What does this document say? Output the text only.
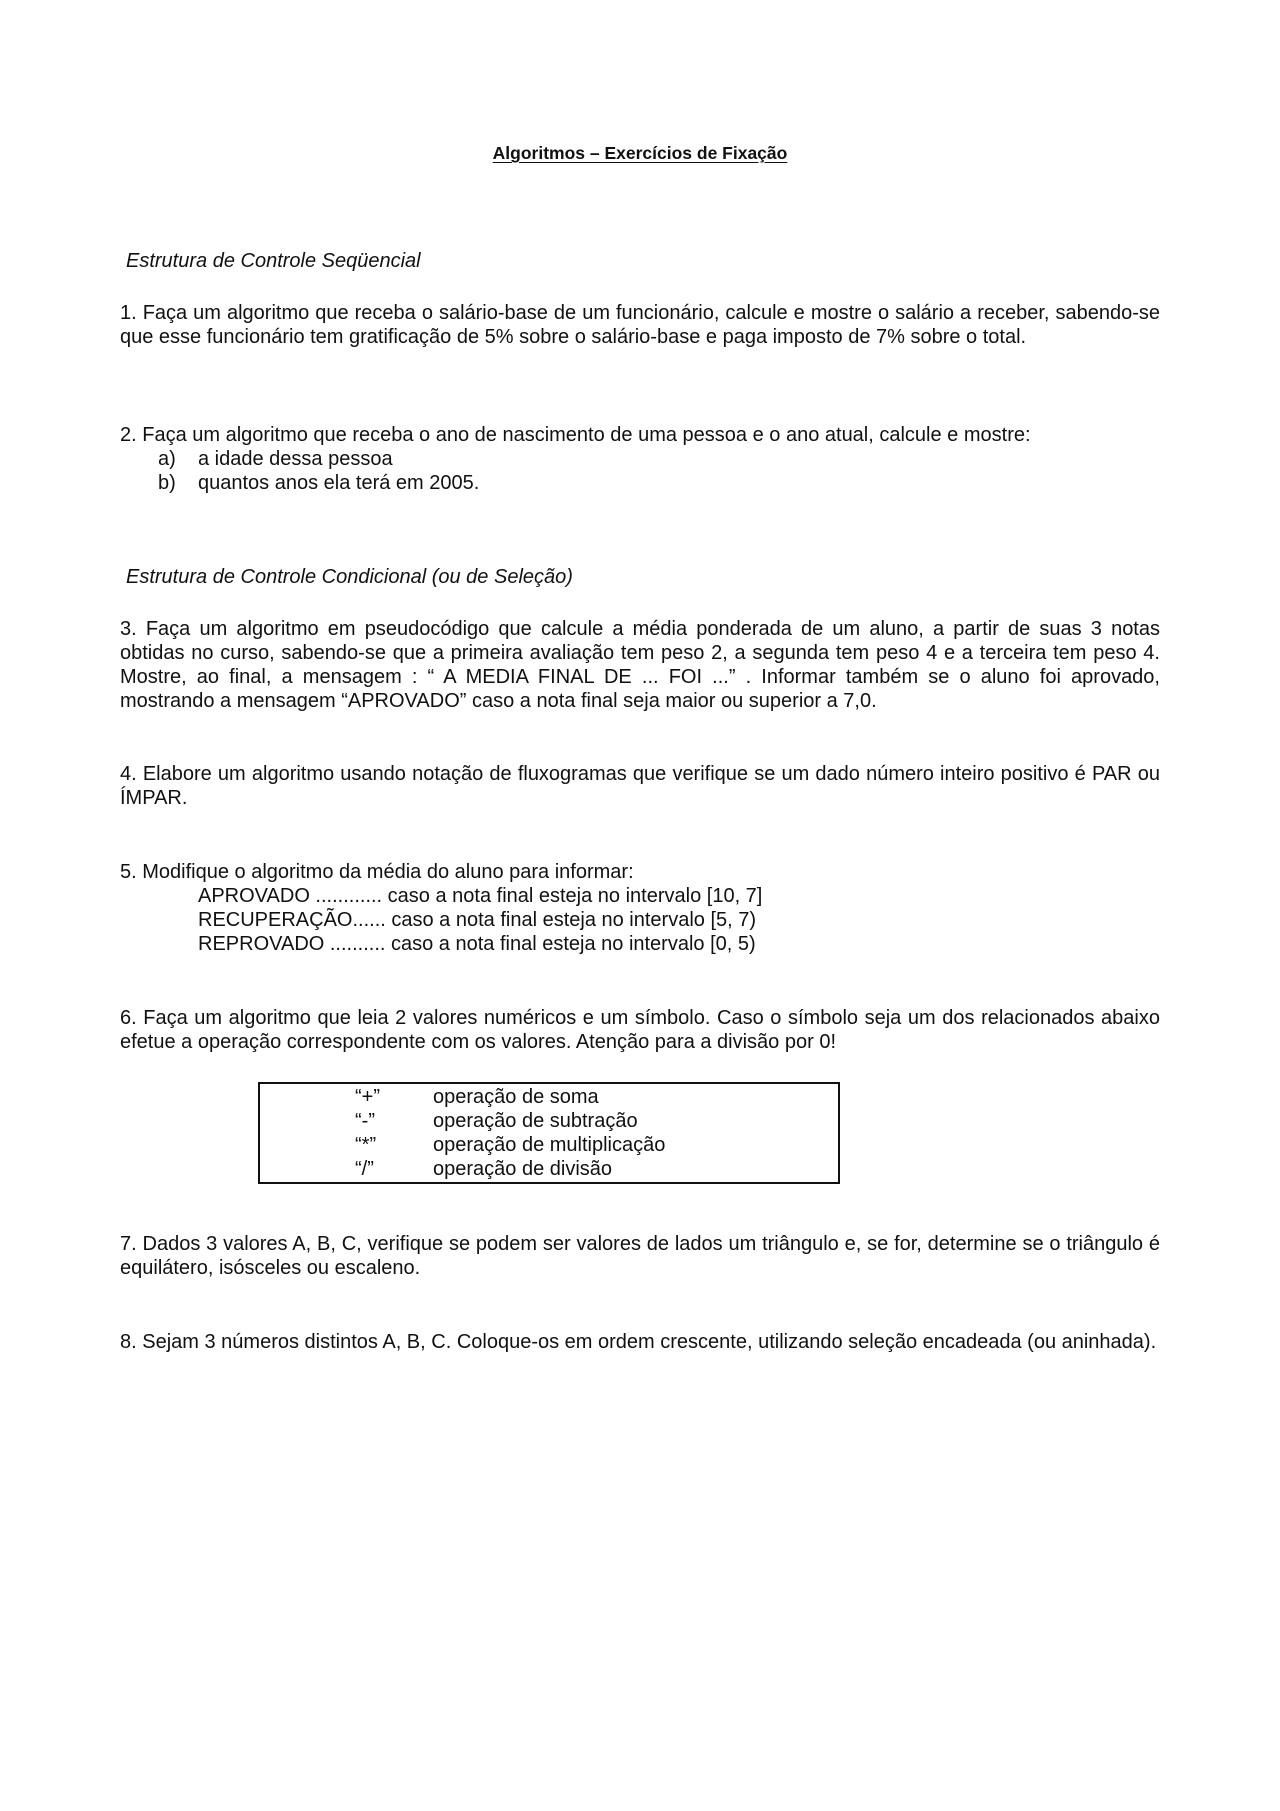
Algoritmos – Exercícios de Fixação
Estrutura de Controle Seqüencial
1. Faça um algoritmo que receba o salário-base de um funcionário, calcule e mostre o salário a receber, sabendo-se que esse funcionário tem gratificação de 5% sobre o salário-base e paga imposto de 7% sobre o total.
2. Faça um algoritmo que receba o ano de nascimento de uma pessoa e o ano atual, calcule e mostre:
a)	a idade dessa pessoa
b)	quantos anos ela terá em 2005.
Estrutura de Controle Condicional (ou de Seleção)
3. Faça um algoritmo em pseudocódigo que calcule a média ponderada de um aluno, a partir de suas 3 notas obtidas no curso, sabendo-se que a primeira avaliação tem peso 2, a segunda tem peso 4 e a terceira tem peso 4. Mostre, ao final, a mensagem : “ A MEDIA FINAL DE ... FOI ...” . Informar também se o aluno foi aprovado, mostrando a mensagem “APROVADO” caso a nota final seja maior ou superior a 7,0.
4. Elabore um algoritmo usando notação de fluxogramas que verifique se um dado número inteiro positivo é PAR ou ÍMPAR.
5. Modifique o algoritmo da média do aluno para informar:
APROVADO ............ caso a nota final esteja no intervalo [10, 7]
RECUPERAÇÃO...... caso a nota final esteja no intervalo [5, 7)
REPROVADO .......... caso a nota final esteja no intervalo [0, 5)
6. Faça um algoritmo que leia 2 valores numéricos e um símbolo. Caso o símbolo seja um dos relacionados abaixo efetue a operação correspondente com os valores. Atenção para a divisão por 0!
“+”	operação de soma
“-”	operação de subtração
“*”	operação de multiplicação
“/”	operação de divisão
7. Dados 3 valores A, B, C, verifique se podem ser valores de lados um triângulo e, se for, determine se o triângulo é equilátero, isósceles ou escaleno.
8. Sejam 3 números distintos A, B, C. Coloque-os em ordem crescente, utilizando seleção encadeada (ou aninhada).
